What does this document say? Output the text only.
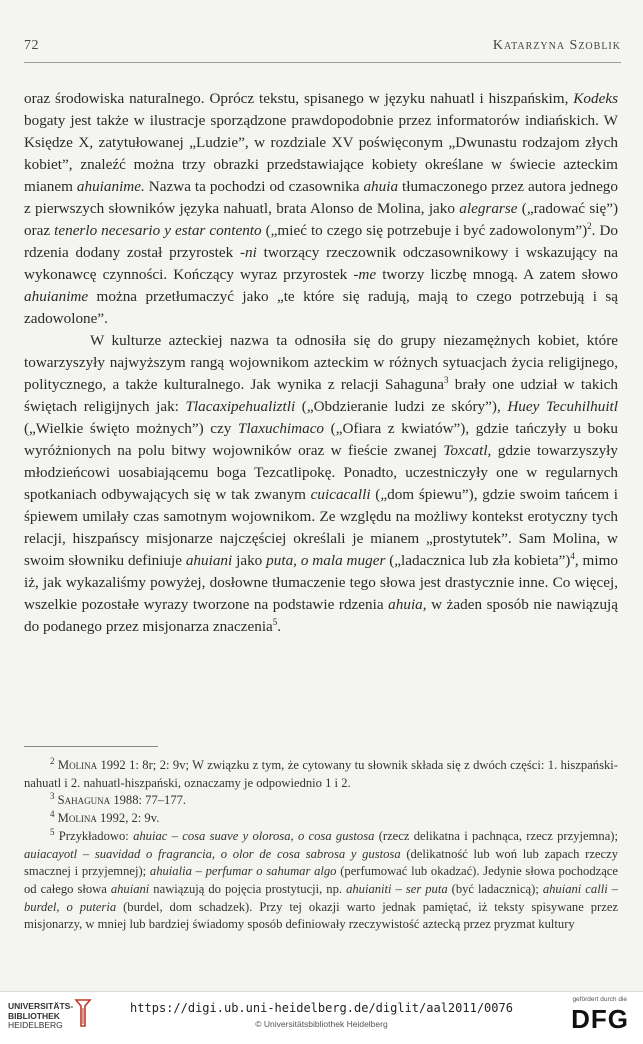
72	Katarzyna Szoblik

oraz środowiska naturalnego. Oprócz tekstu, spisanego w języku nahuatl i hiszpańskim, Kodeks bogaty jest także w ilustracje sporządzone prawdopodobnie przez informatorów indiańskich. W Księdze X, zatytułowanej „Ludzie”, w rozdziale XV poświęconym „Dwunastu rodzajom złych kobiet”, znaleźć można trzy obrazki przedstawiające kobiety określane w świecie azteckim mianem ahuianime. Nazwa ta pochodzi od czasownika ahuia tłumaczonego przez autora jednego z pierwszych słowników języka nahuatl, brata Alonso de Molina, jako alegrarse („radować się”) oraz tenerlo necesario y estar contento („mieć to czego się potrzebuje i być zadowolonym”)$^2$. Do rdzenia dodany został przyrostek -ni tworzący rzeczownik odczasownikowy i wskazujący na wykonawcę czynności. Kończący wyraz przyrostek -me tworzy liczbę mnogą. A zatem słowo ahuianime można przetłumaczyć jako „te które się radują, mają to czego potrzebują i są zadowolone”.

W kulturze azteckiej nazwa ta odnosiła się do grupy niezamężnych kobiet, które towarzyszyły najwyższym rangą wojownikom azteckim w różnych sytuacjach życia religijnego, politycznego, a także kulturalnego. Jak wynika z relacji Sahaguna$^3$ brały one udział w takich świętach religijnych jak: Tlacaxipehualiztli („Obdzieranie ludzi ze skóry”), Huey Tecuhilhuitl („Wielkie święto możnych”) czy Tlaxuchimaco („Ofiara z kwiatów”), gdzie tańczyły u boku wyróżnionych na polu bitwy wojowników oraz w fieście zwanej Toxcatl, gdzie towarzyszyły młodzieńcowi uosabiającemu boga Tezcatlipokę. Ponadto, uczestniczyły one w regularnych spotkaniach odbywających się w tak zwanym cuicacalli („dom śpiewu”), gdzie swoim tańcem i śpiewem umilały czas samotnym wojownikom. Ze względu na możliwy kontekst erotyczny tych relacji, hiszpańscy misjonarze najczęściej określali je mianem „prostytutek”. Sam Molina, w swoim słowniku definiuje ahuiani jako puta, o mala muger („ladacznica lub zła kobieta”)$^4$, mimo iż, jak wykazaliśmy powyżej, dosłowne tłumaczenie tego słowa jest drastycznie inne. Co więcej, wszelkie pozostałe wyrazy tworzone na podstawie rdzenia ahuia, w żaden sposób nie nawiązują do podanego przez misjonarza znaczenia$^5$.

$^2$ Molina 1992 1: 8r; 2: 9v; W związku z tym, że cytowany tu słownik składa się z dwóch części: 1. hiszpański-nahuatl i 2. nahuatl-hiszpański, oznaczamy je odpowiednio 1 i 2.

$^3$ Sahaguna 1988: 77–177.

$^4$ Molina 1992, 2: 9v.

$^5$ Przykładowo: ahuiac – cosa suave y olorosa, o cosa gustosa (rzecz delikatna i pachnąca, rzecz przyjemna); auiacayotl – suavidad o fragrancia, o olor de cosa sabrosa y gustosa (delikatność lub woń lub zapach rzeczy smacznej i przyjemnej); ahuialia – perfumar o sahumar algo (perfumować lub okadzać). Jedynie słowa pochodzące od całego słowa ahuiani nawiązują do pojęcia prostytucji, np. ahuianiti – ser puta (być ladacznicą); ahuiani calli – burdel, o puteria (burdel, dom schadzek). Przy tej okazji warto jednak pamiętać, iż teksty spisywane przez misjonarzy, w mniej lub bardziej świadomy sposób definiowały rzeczywistość aztecką przez pryzmat kultury

UNIVERSITÄTS-
BIBLIOTHEK
HEIDELBERG
https://digi.ub.uni-heidelberg.de/diglit/aal2011/0076
© Universitätsbibliothek Heidelberg
gefördert durch die
DFG
